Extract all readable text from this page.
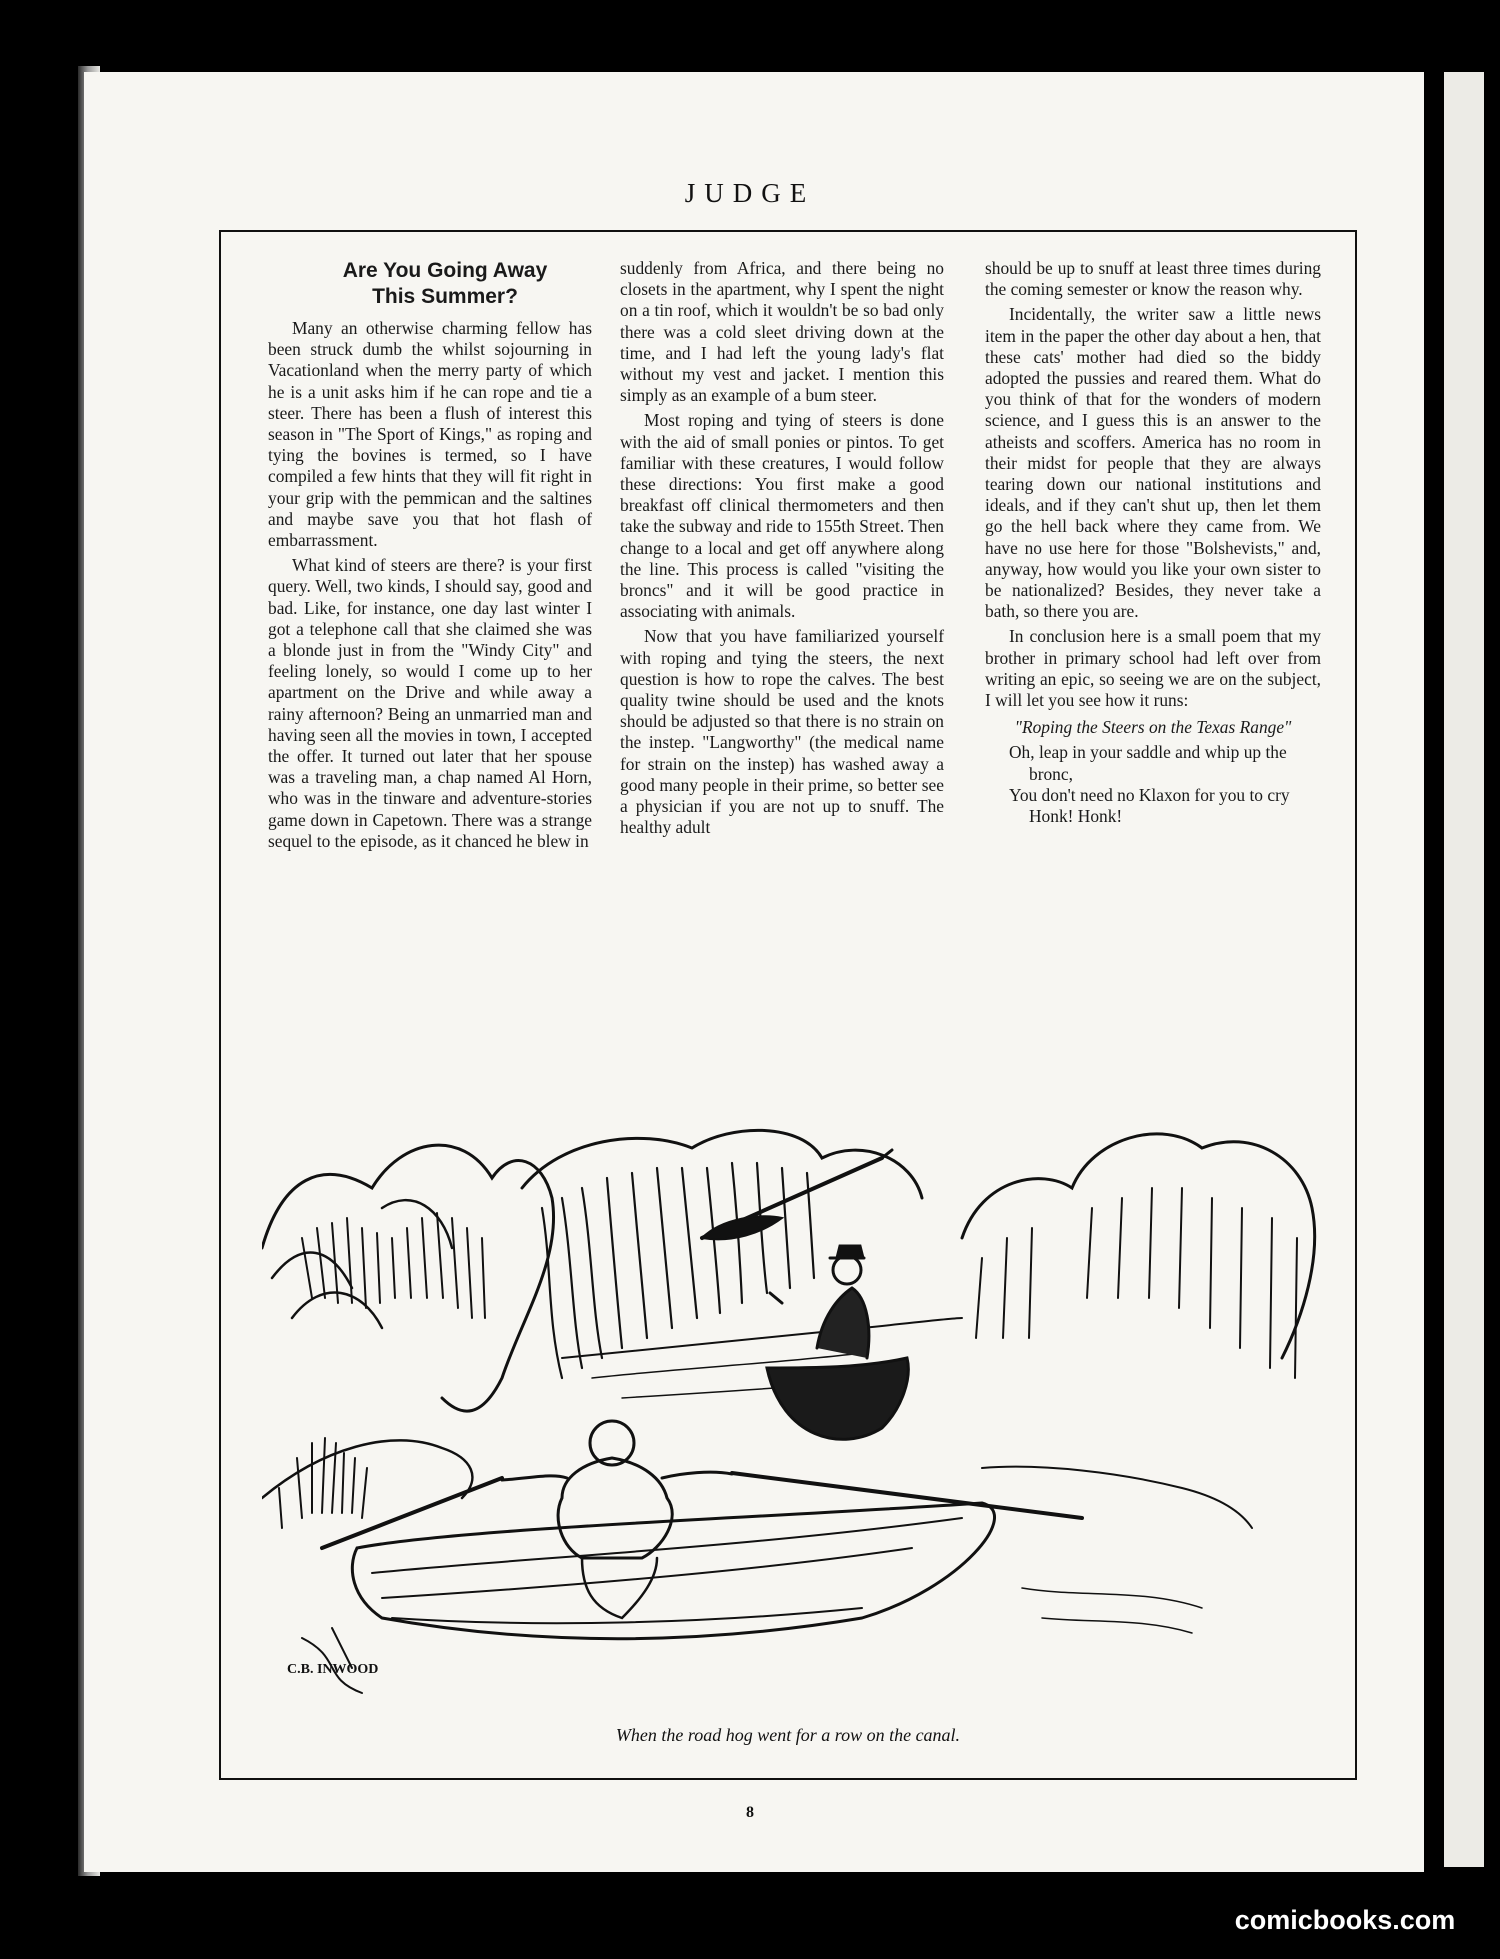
JUDGE
Are You Going Away
This Summer?

Many an otherwise charming fellow has been struck dumb the whilst sojourning in Vacationland when the merry party of which he is a unit asks him if he can rope and tie a steer. There has been a flush of interest this season in "The Sport of Kings," as roping and tying the bovines is termed, so I have compiled a few hints that they will fit right in your grip with the pemmican and the saltines and maybe save you that hot flash of embarrassment.

What kind of steers are there? is your first query. Well, two kinds, I should say, good and bad. Like, for instance, one day last winter I got a telephone call that she claimed she was a blonde just in from the "Windy City" and feeling lonely, so would I come up to her apartment on the Drive and while away a rainy afternoon? Being an unmarried man and having seen all the movies in town, I accepted the offer. It turned out later that her spouse was a traveling man, a chap named Al Horn, who was in the tinware and adventure-stories game down in Capetown. There was a strange sequel to the episode, as it chanced he blew in

suddenly from Africa, and there being no closets in the apartment, why I spent the night on a tin roof, which it wouldn't be so bad only there was a cold sleet driving down at the time, and I had left the young lady's flat without my vest and jacket. I mention this simply as an example of a bum steer.

Most roping and tying of steers is done with the aid of small ponies or pintos. To get familiar with these creatures, I would follow these directions: You first make a good breakfast off clinical thermometers and then take the subway and ride to 155th Street. Then change to a local and get off anywhere along the line. This process is called "visiting the broncs" and it will be good practice in associating with animals.

Now that you have familiarized yourself with roping and tying the steers, the next question is how to rope the calves. The best quality twine should be used and the knots should be adjusted so that there is no strain on the instep. "Langworthy" (the medical name for strain on the instep) has washed away a good many people in their prime, so better see a physician if you are not up to snuff. The healthy adult

should be up to snuff at least three times during the coming semester or know the reason why.

Incidentally, the writer saw a little news item in the paper the other day about a hen, that these cats' mother had died so the biddy adopted the pussies and reared them. What do you think of that for the wonders of modern science, and I guess this is an answer to the atheists and scoffers. America has no room in their midst for people that they are always tearing down our national institutions and ideals, and if they can't shut up, then let them go the hell back where they came from. We have no use here for those "Bolshevists," and, anyway, how would you like your own sister to be nationalized? Besides, they never take a bath, so there you are.

In conclusion here is a small poem that my brother in primary school had left over from writing an epic, so seeing we are on the subject, I will let you see how it runs:

"Roping the Steers on the Texas Range"

Oh, leap in your saddle and whip up the bronc,

You don't need no Klaxon for you to cry Honk! Honk!

C.B. INWOOD
When the road hog went for a row on the canal.
8
comicbooks.com
